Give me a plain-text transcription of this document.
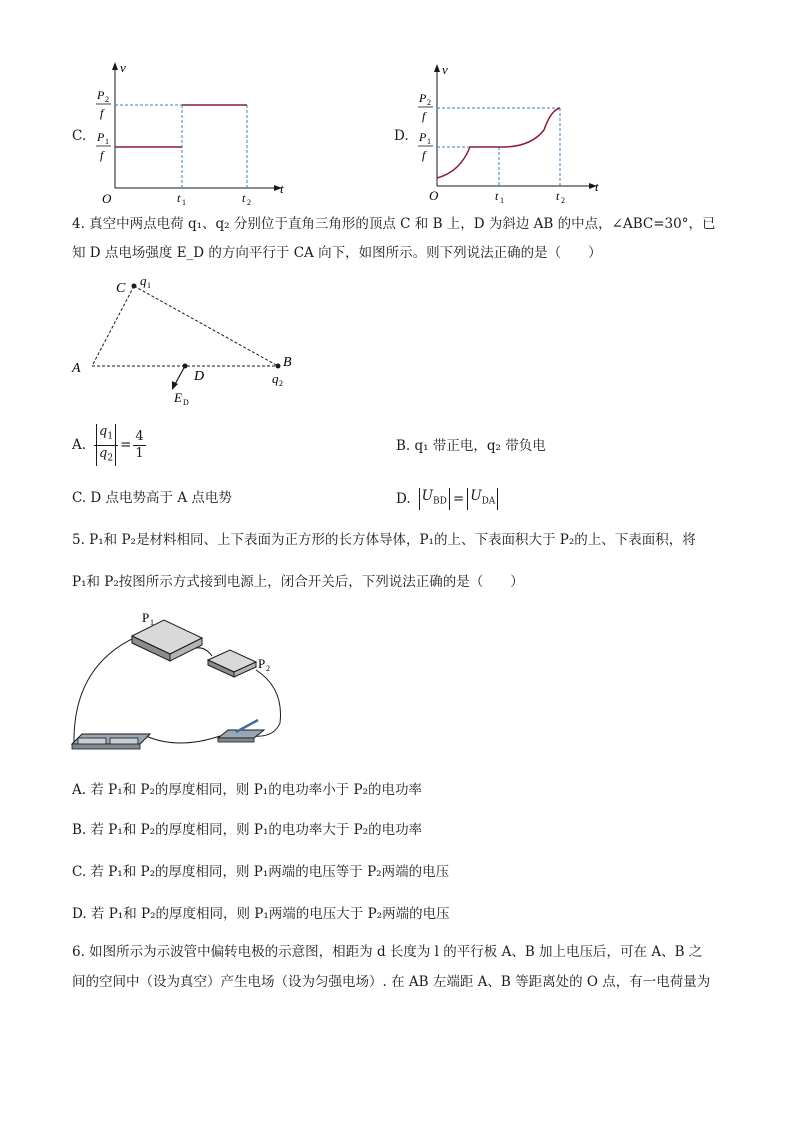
C.
v
t
O
P 2
f
P 1
f
t 1	t 2
D.
v
t
O
P 2
f
P 1
f
t 1	t 2
4. 真空中两点电荷 q₁、q₂ 分别位于直角三角形的顶点 C 和 B 上，D 为斜边 AB 的中点，∠ABC=30°，已
知 D 点电场强度 E_D 的方向平行于 CA 向下，如图所示。则下列说法正确的是（　　）
C
q 1
A
D
B
q 2
E D
A. $\frac{q_1}{q_2} = \frac{4}{1}$	B. q₁ 带正电，q₂ 带负电
C. D 点电势高于 A 点电势	D. $U_{BD} = U_{DA}$
5. P₁和 P₂是材料相同、上下表面为正方形的长方体导体，P₁的上、下表面积大于 P₂的上、下表面积，将
P₁和 P₂按图所示方式接到电源上，闭合开关后，下列说法正确的是（　　）
P 1
P 2
A. 若 P₁和 P₂的厚度相同，则 P₁的电功率小于 P₂的电功率
B. 若 P₁和 P₂的厚度相同，则 P₁的电功率大于 P₂的电功率
C. 若 P₁和 P₂的厚度相同，则 P₁两端的电压等于 P₂两端的电压
D. 若 P₁和 P₂的厚度相同，则 P₁两端的电压大于 P₂两端的电压
6. 如图所示为示波管中偏转电极的示意图，相距为 d 长度为 l 的平行板 A、B 加上电压后，可在 A、B 之
间的空间中（设为真空）产生电场（设为匀强电场）. 在 AB 左端距 A、B 等距离处的 O 点，有一电荷量为
